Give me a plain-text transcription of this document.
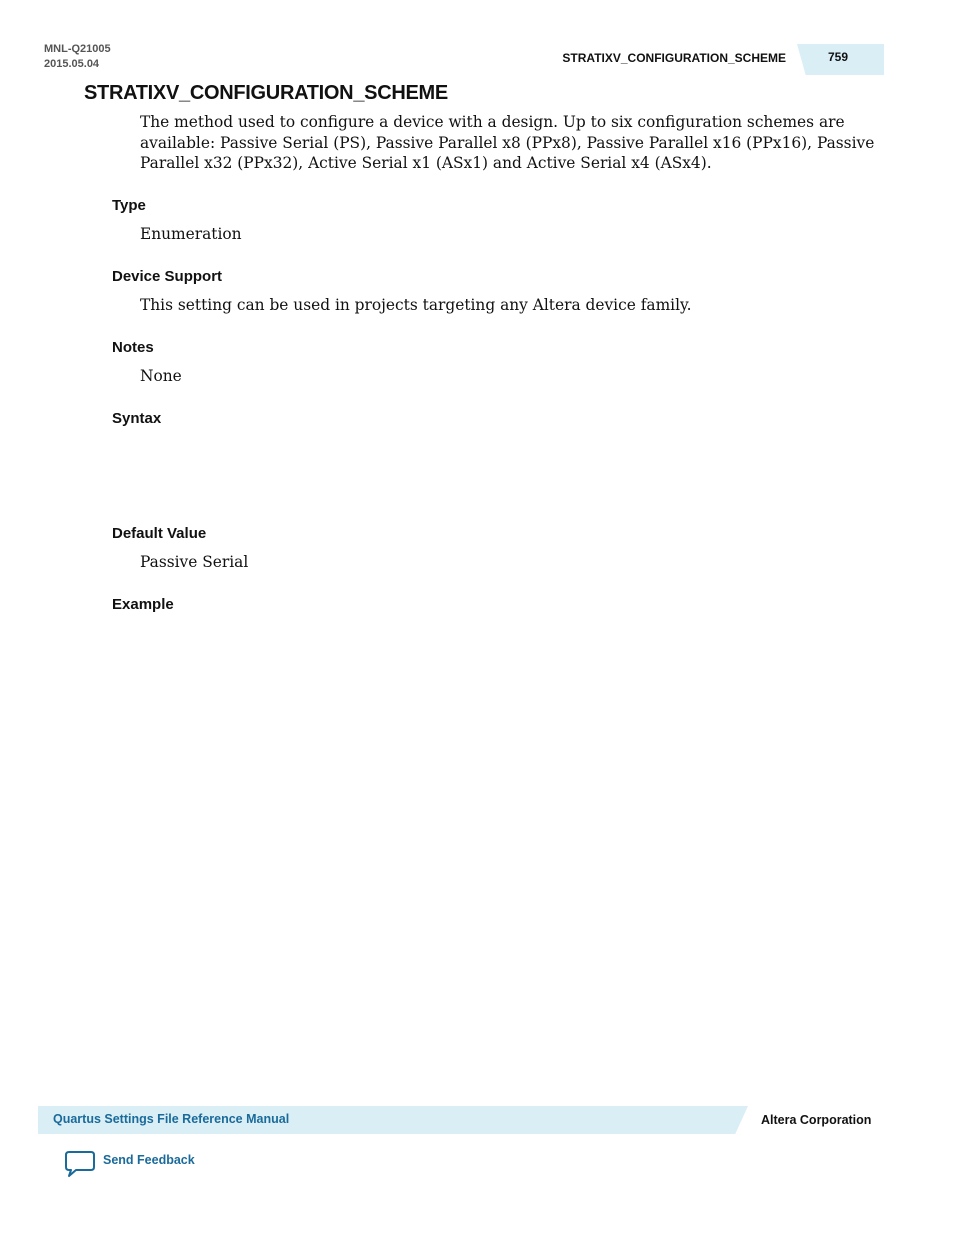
MNL-Q21005
2015.05.04	STRATIXV_CONFIGURATION_SCHEME	759
STRATIXV_CONFIGURATION_SCHEME

The method used to configure a device with a design. Up to six configuration schemes are available: Passive Serial (PS), Passive Parallel x8 (PPx8), Passive Parallel x16 (PPx16), Passive Parallel x32 (PPx32), Active Serial x1 (ASx1) and Active Serial x4 (ASx4).

Type

Enumeration

Device Support

This setting can be used in projects targeting any Altera device family.

Notes

None

Syntax
Default Value

Passive Serial

Example
Quartus Settings File Reference Manual	Altera Corporation
Send Feedback
